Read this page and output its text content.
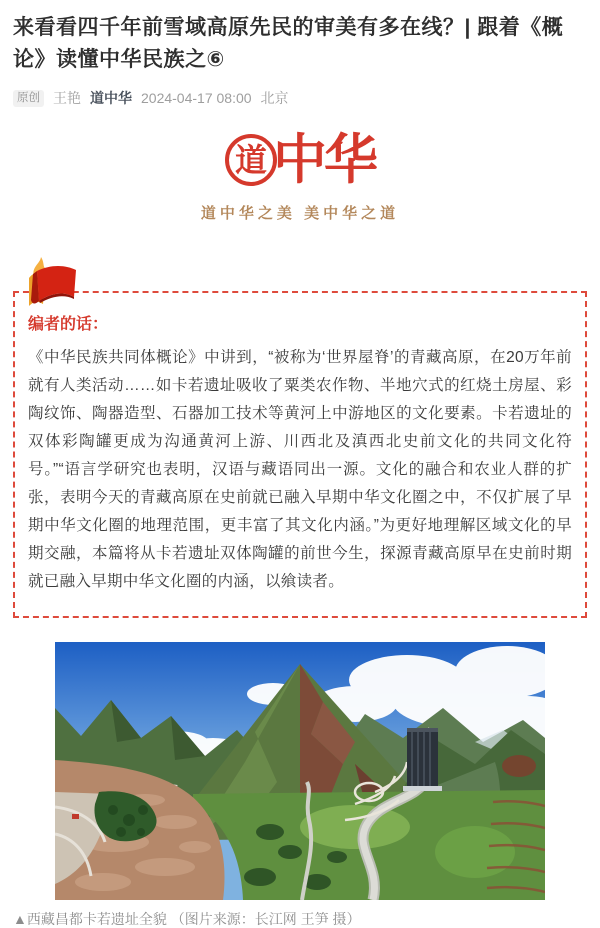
来看看四千年前雪域高原先民的审美有多在线？| 跟着《概论》读懂中华民族之⑥
原创 王艳 道中华 2024-04-17 08:00 北京
道 中华
道中华之美 美中华之道
编者的话：

《中华民族共同体概论》中讲到，“被称为‘世界屋脊’的青藏高原，在20万年前就有人类活动……如卡若遗址吸收了粟类农作物、半地穴式的红烧土房屋、彩陶纹饰、陶器造型、石器加工技术等黄河上中游地区的文化要素。卡若遗址的双体彩陶罐更成为沟通黄河上游、川西北及滇西北史前文化的共同文化符号。”“语言学研究也表明，汉语与藏语同出一源。文化的融合和农业人群的扩张，表明今天的青藏高原在史前就已融入早期中华文化圈之中，不仅扩展了早期中华文化圈的地理范围，更丰富了其文化内涵。”为更好地理解区域文化的早期交融，本篇将从卡若遗址双体陶罐的前世今生，探源青藏高原早在史前时期就已融入早期中华文化圈的内涵，以飨读者。

▲西藏昌都卡若遗址全貌 （图片来源：长江网 王笋 摄）
